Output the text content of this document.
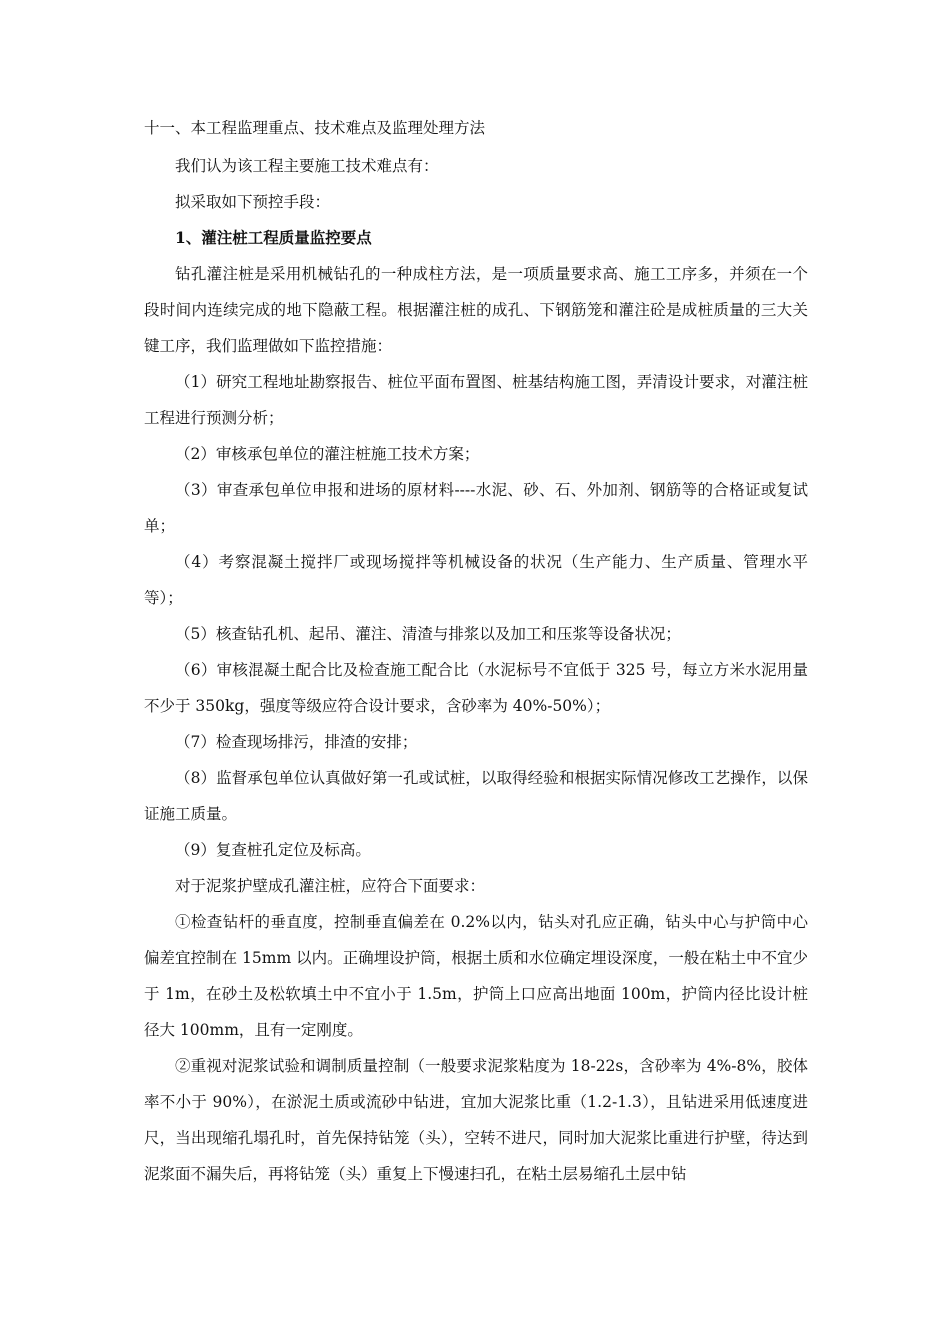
十一、本工程监理重点、技术难点及监理处理方法

我们认为该工程主要施工技术难点有：

拟采取如下预控手段：

1、灌注桩工程质量监控要点

钻孔灌注桩是采用机械钻孔的一种成柱方法，是一项质量要求高、施工工序多，并须在一个段时间内连续完成的地下隐蔽工程。根据灌注桩的成孔、下钢筋笼和灌注砼是成桩质量的三大关键工序，我们监理做如下监控措施：

（1）研究工程地址勘察报告、桩位平面布置图、桩基结构施工图，弄清设计要求，对灌注桩工程进行预测分析；

（2）审核承包单位的灌注桩施工技术方案；

（3）审查承包单位申报和进场的原材料----水泥、砂、石、外加剂、钢筋等的合格证或复试单；

（4）考察混凝土搅拌厂或现场搅拌等机械设备的状况（生产能力、生产质量、管理水平等）；

（5）核查钻孔机、起吊、灌注、清渣与排浆以及加工和压浆等设备状况；

（6）审核混凝土配合比及检查施工配合比（水泥标号不宜低于 325 号，每立方米水泥用量不少于 350kg，强度等级应符合设计要求，含砂率为 40%-50%）；

（7）检查现场排污，排渣的安排；

（8）监督承包单位认真做好第一孔或试桩，以取得经验和根据实际情况修改工艺操作，以保证施工质量。

（9）复查桩孔定位及标高。

对于泥浆护壁成孔灌注桩，应符合下面要求：

①检查钻杆的垂直度，控制垂直偏差在 0.2%以内，钻头对孔应正确，钻头中心与护筒中心偏差宜控制在 15mm 以内。正确埋设护筒，根据土质和水位确定埋设深度，一般在粘土中不宜少于 1m，在砂土及松软填土中不宜小于 1.5m，护筒上口应高出地面 100m，护筒内径比设计桩径大 100mm，且有一定刚度。

②重视对泥浆试验和调制质量控制（一般要求泥浆粘度为 18-22s，含砂率为 4%-8%，胶体率不小于 90%），在淤泥土质或流砂中钻进，宜加大泥浆比重（1.2-1.3），且钻进采用低速度进尺，当出现缩孔塌孔时，首先保持钻笼（头），空转不进尺，同时加大泥浆比重进行护壁，待达到泥浆面不漏失后，再将钻笼（头）重复上下慢速扫孔，在粘土层易缩孔土层中钻
